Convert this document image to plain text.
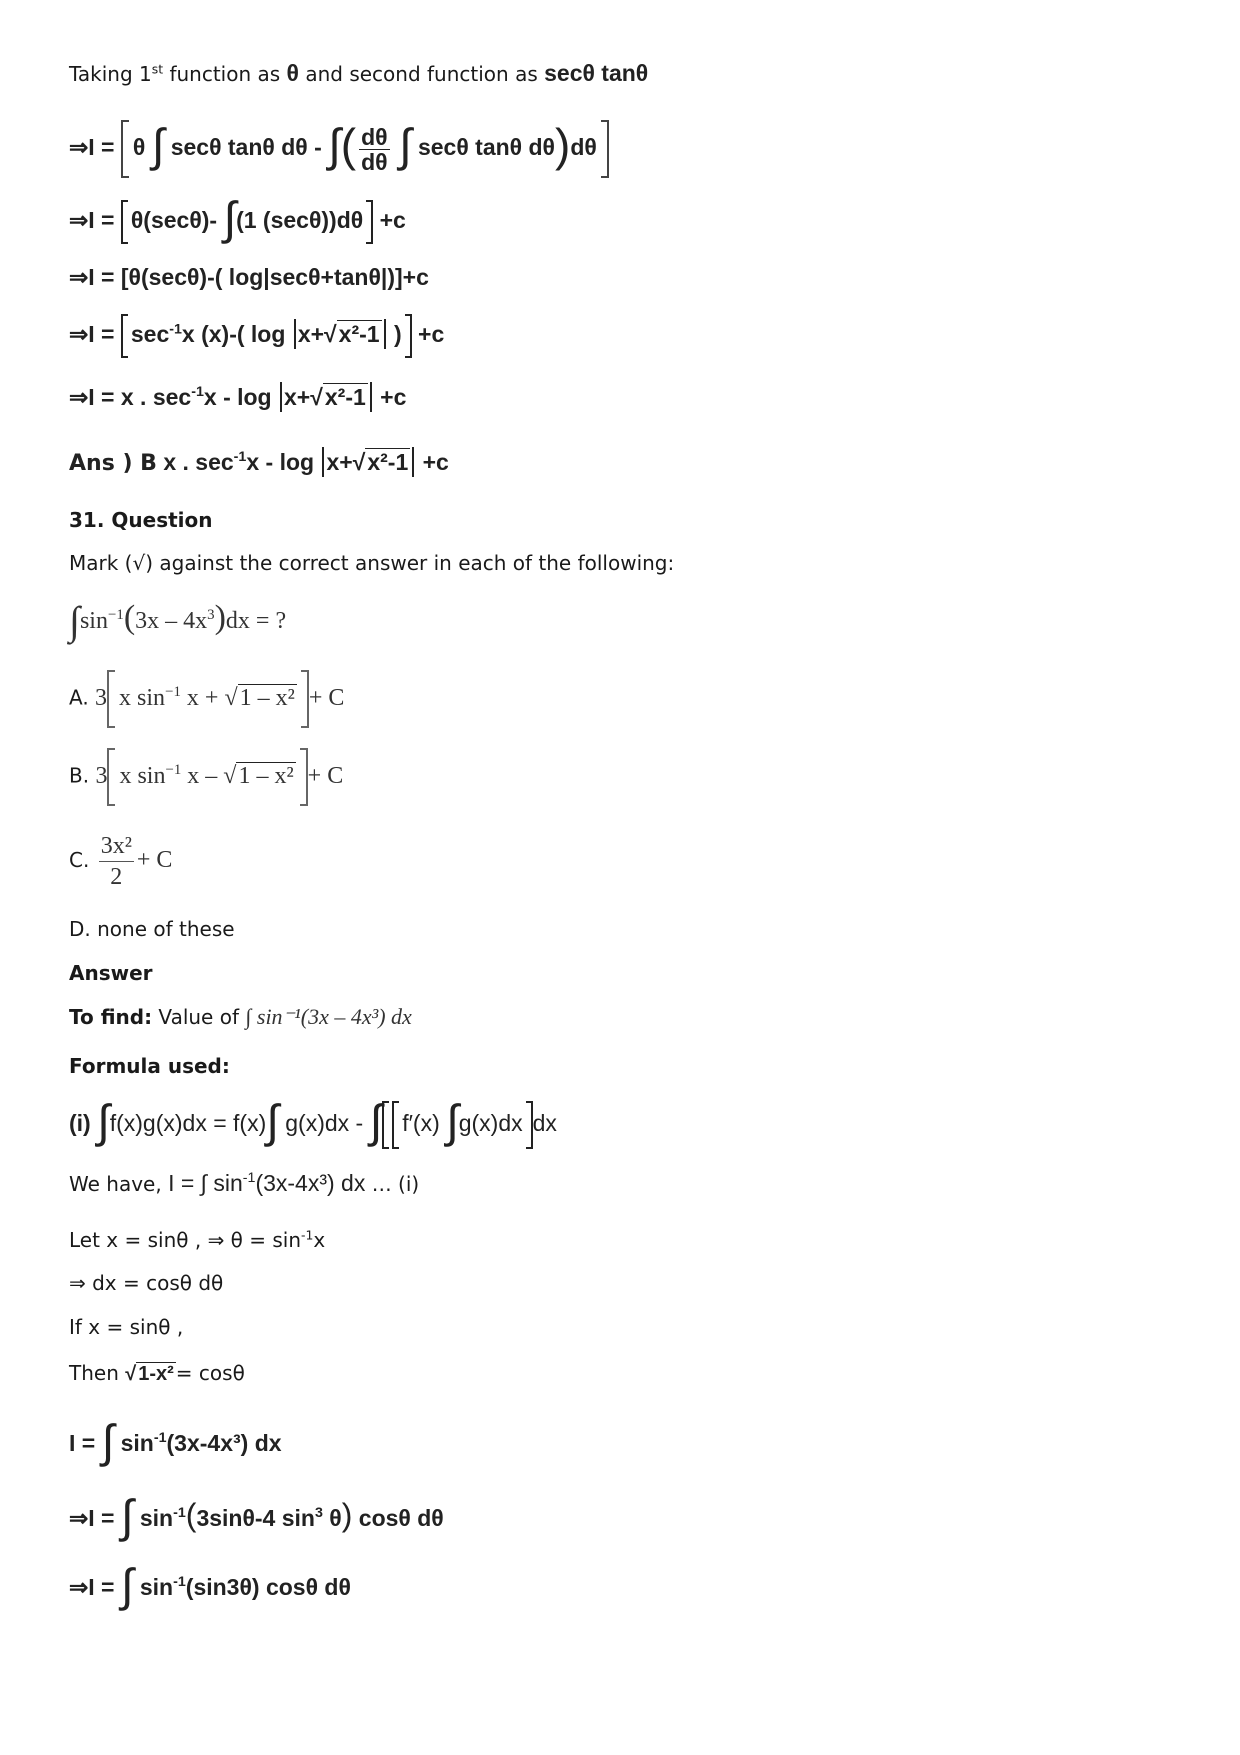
Taking 1st function as θ and second function as secθ tanθ
⇒I = θ ∫ secθ tanθ dθ - ∫( $\frac{d\theta}{d\theta}$ ∫ secθ tanθ dθ)dθ
⇒I = θ(secθ)- ∫(1 (secθ))dθ +c
⇒I = [θ(secθ)-( log|secθ+tanθ|)]+c
⇒I = $\sec^{-1}x$ (x)-( log x+√x²-1 ) +c
⇒I = x . $\sec^{-1}x - \log x+√x^2-1 +c$
Ans ) B x . $\sec^{-1}x - \log x+√x^2-1 +c$
31. Question
Mark (√) against the correct answer in each of the following:
$\int\sin^{-1}(3x - 4x^3)dx$ = ?
A. 3 x $\sin^{-1} x + √1 - x^2 + C$
B. 3 x $\sin^{-1} x - √1 - x^2 + C$
C. $\frac{\text{3x²}}{2} + C$
D. none of these
Answer
To find: Value of ∫ sin⁻¹(3x – 4x³) dx
Formula used:
(i) ∫f(x)g(x)dx = f(x)∫ g(x)dx - ∫ f′(x) ∫g(x)dx dx
We have, I = ∫ $\sin^{-1}(3x-4x^3)$ dx … (i)
Let x = sinθ , ⇒ $\theta = \sin^{-1}x$
⇒ dx = cosθ dθ
If x = sinθ ,
Then √ 1-x² = cosθ
I = ∫ $\sin^{-1}(3x-4x^3)$ dx
⇒I = ∫ $\sin^{-1}(3\sin\theta-4$ $\sin^3 \theta$) cosθ dθ
⇒I = ∫ $\sin^{-1}(\sin 3\theta)$ cosθ dθ
